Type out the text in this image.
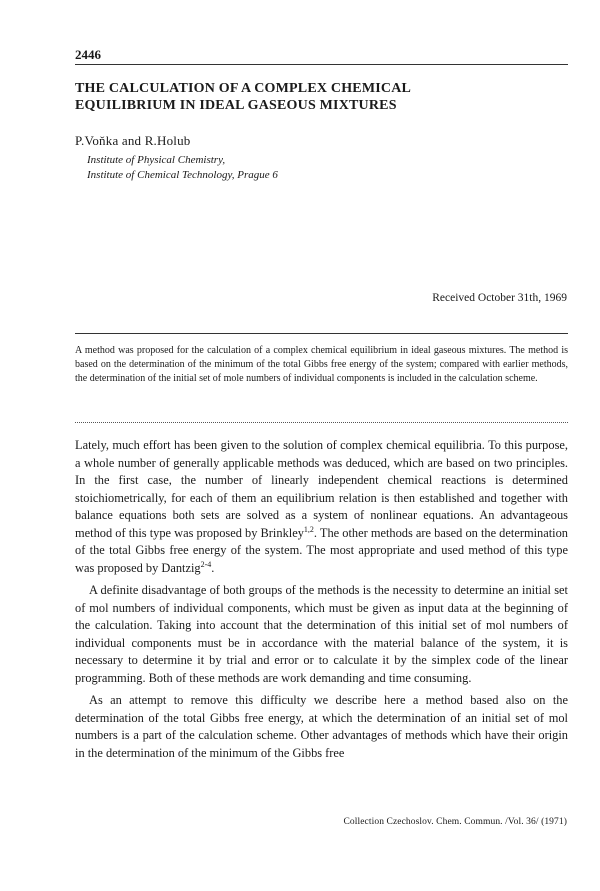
2446
THE CALCULATION OF A COMPLEX CHEMICAL
EQUILIBRIUM IN IDEAL GASEOUS MIXTURES
P.Voňka and R.Holub
Institute of Physical Chemistry,
Institute of Chemical Technology, Prague 6
Received October 31th, 1969
A method was proposed for the calculation of a complex chemical equilibrium in ideal gaseous mixtures. The method is based on the determination of the minimum of the total Gibbs free energy of the system; compared with earlier methods, the determination of the initial set of mole numbers of individual components is included in the calculation scheme.

Lately, much effort has been given to the solution of complex chemical equilibria. To this purpose, a whole number of generally applicable methods was deduced, which are based on two principles. In the first case, the number of linearly independent chemical reactions is determined stoichiometrically, for each of them an equilibrium relation is then established and together with balance equations both sets are solved as a system of nonlinear equations. An advantageous method of this type was proposed by Brinkley$^{1,2}$. The other methods are based on the determination of the total Gibbs free energy of the system. The most appropriate and used method of this type was proposed by Dantzig$^{2-4}$.

A definite disadvantage of both groups of the methods is the necessity to determine an initial set of mol numbers of individual components, which must be given as input data at the beginning of the calculation. Taking into account that the determination of this initial set of mol numbers of individual components must be in accordance with the material balance of the system, it is necessary to determine it by trial and error or to calculate it by the simplex code of the linear programming. Both of these methods are work demanding and time consuming.

As an attempt to remove this difficulty we describe here a method based also on the determination of the total Gibbs free energy, at which the determination of an initial set of mol numbers is a part of the calculation scheme. Other advantages of methods which have their origin in the determination of the minimum of the Gibbs free

Collection Czechoslov. Chem. Commun. /Vol. 36/ (1971)
